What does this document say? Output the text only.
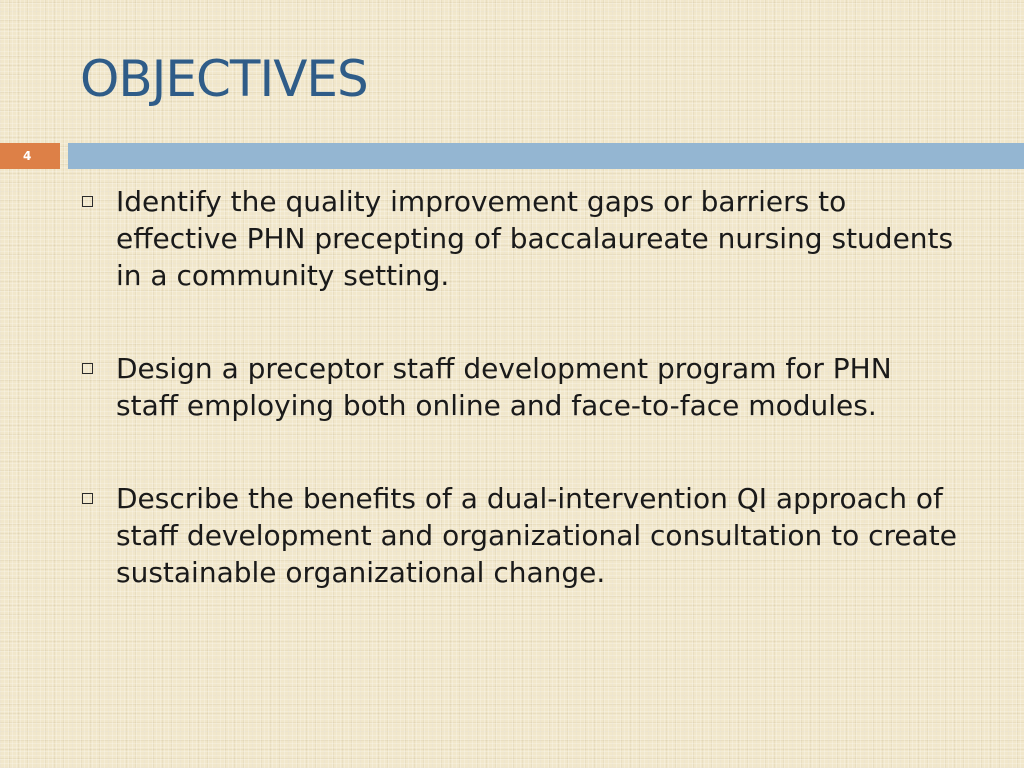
OBJECTIVES
4
Identify the quality improvement gaps or barriers to effective PHN precepting of baccalaureate nursing students in a community setting.
Design a preceptor staff development program for PHN staff employing both online and face-to-face modules.
Describe the benefits of a dual-intervention QI approach of staff development and organizational consultation to create sustainable organizational change.
